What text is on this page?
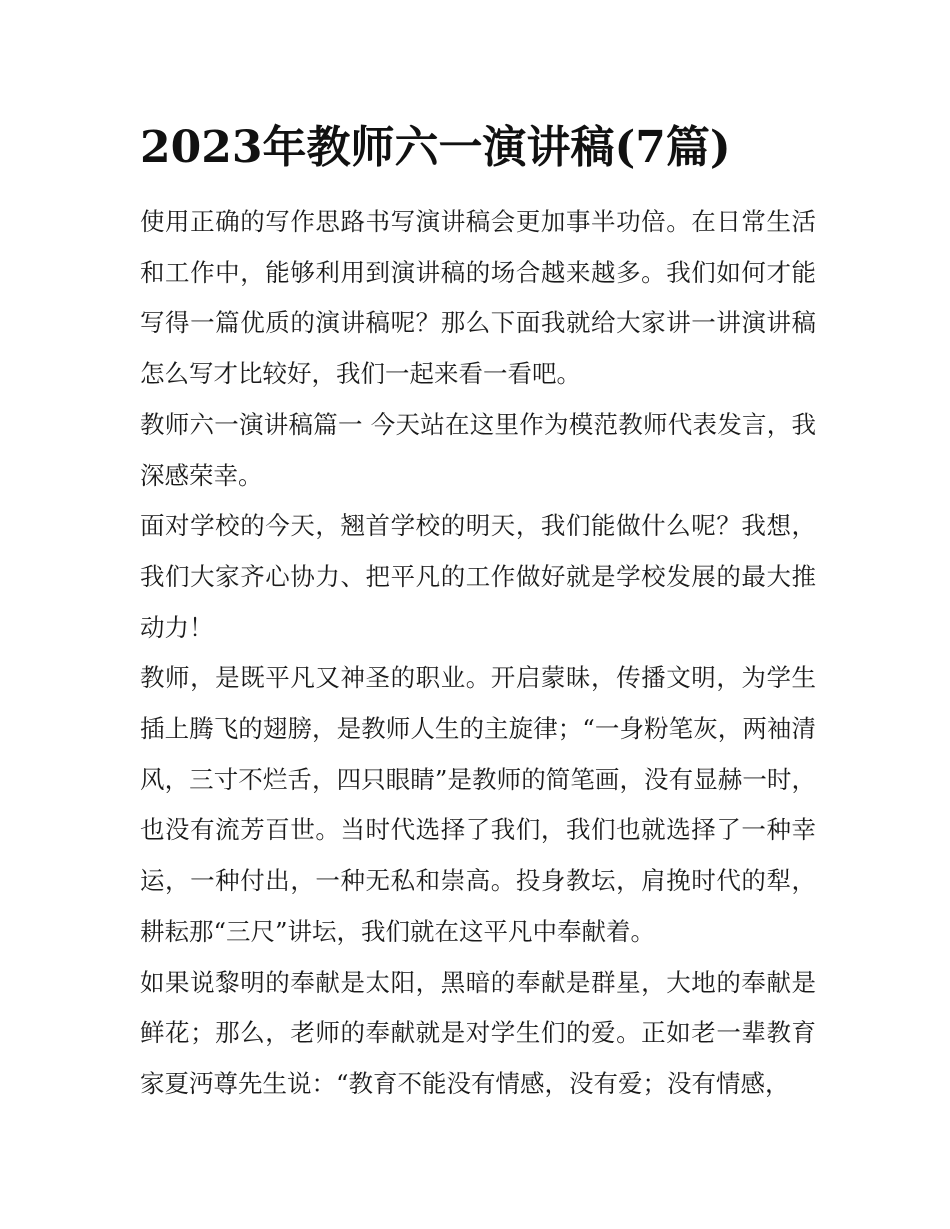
2023年教师六一演讲稿(7篇)

使用正确的写作思路书写演讲稿会更加事半功倍。在日常生活和工作中，能够利用到演讲稿的场合越来越多。我们如何才能写得一篇优质的演讲稿呢？那么下面我就给大家讲一讲演讲稿怎么写才比较好，我们一起来看一看吧。

教师六一演讲稿篇一 今天站在这里作为模范教师代表发言，我深感荣幸。

面对学校的今天，翘首学校的明天，我们能做什么呢？我想，我们大家齐心协力、把平凡的工作做好就是学校发展的最大推动力！

教师，是既平凡又神圣的职业。开启蒙昧，传播文明，为学生插上腾飞的翅膀，是教师人生的主旋律；“一身粉笔灰，两袖清风，三寸不烂舌，四只眼睛”是教师的简笔画，没有显赫一时，也没有流芳百世。当时代选择了我们，我们也就选择了一种幸运，一种付出，一种无私和崇高。投身教坛，肩挽时代的犁，耕耘那“三尺”讲坛，我们就在这平凡中奉献着。

如果说黎明的奉献是太阳，黑暗的奉献是群星，大地的奉献是鲜花；那么，老师的奉献就是对学生们的爱。正如老一辈教育家夏沔尊先生说：“教育不能没有情感，没有爱；没有情感，
